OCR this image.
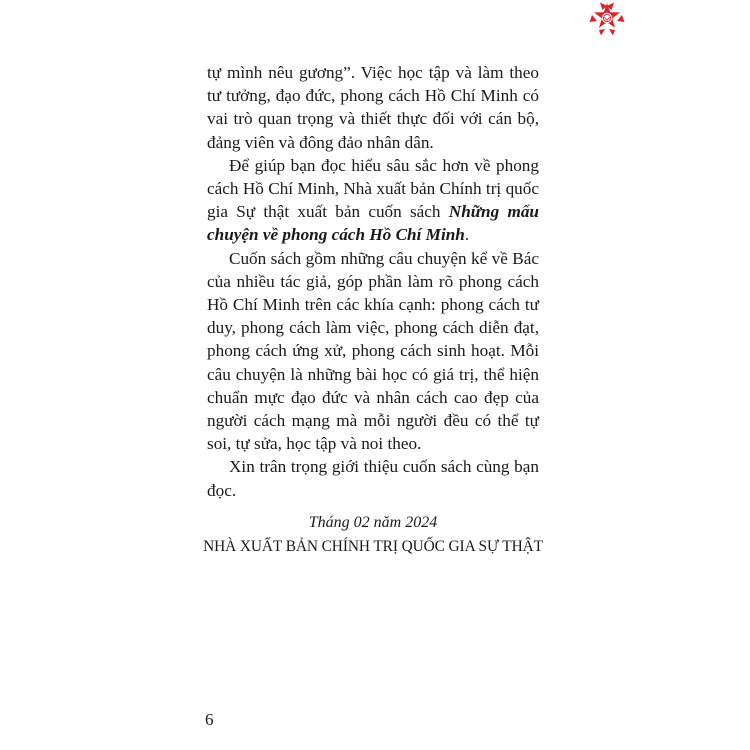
tự mình nêu gương”. Việc học tập và làm theo tư tưởng, đạo đức, phong cách Hồ Chí Minh có vai trò quan trọng và thiết thực đối với cán bộ, đảng viên và đông đảo nhân dân.

Để giúp bạn đọc hiểu sâu sắc hơn về phong cách Hồ Chí Minh, Nhà xuất bản Chính trị quốc gia Sự thật xuất bản cuốn sách Những mẩu chuyện về phong cách Hồ Chí Minh.

Cuốn sách gồm những câu chuyện kể về Bác của nhiều tác giả, góp phần làm rõ phong cách Hồ Chí Minh trên các khía cạnh: phong cách tư duy, phong cách làm việc, phong cách diễn đạt, phong cách ứng xử, phong cách sinh hoạt. Mỗi câu chuyện là những bài học có giá trị, thể hiện chuẩn mực đạo đức và nhân cách cao đẹp của người cách mạng mà mỗi người đều có thể tự soi, tự sửa, học tập và noi theo.

Xin trân trọng giới thiệu cuốn sách cùng bạn đọc.

Tháng 02 năm 2024
NHÀ XUẤT BẢN CHÍNH TRỊ QUỐC GIA SỰ THẬT
6
